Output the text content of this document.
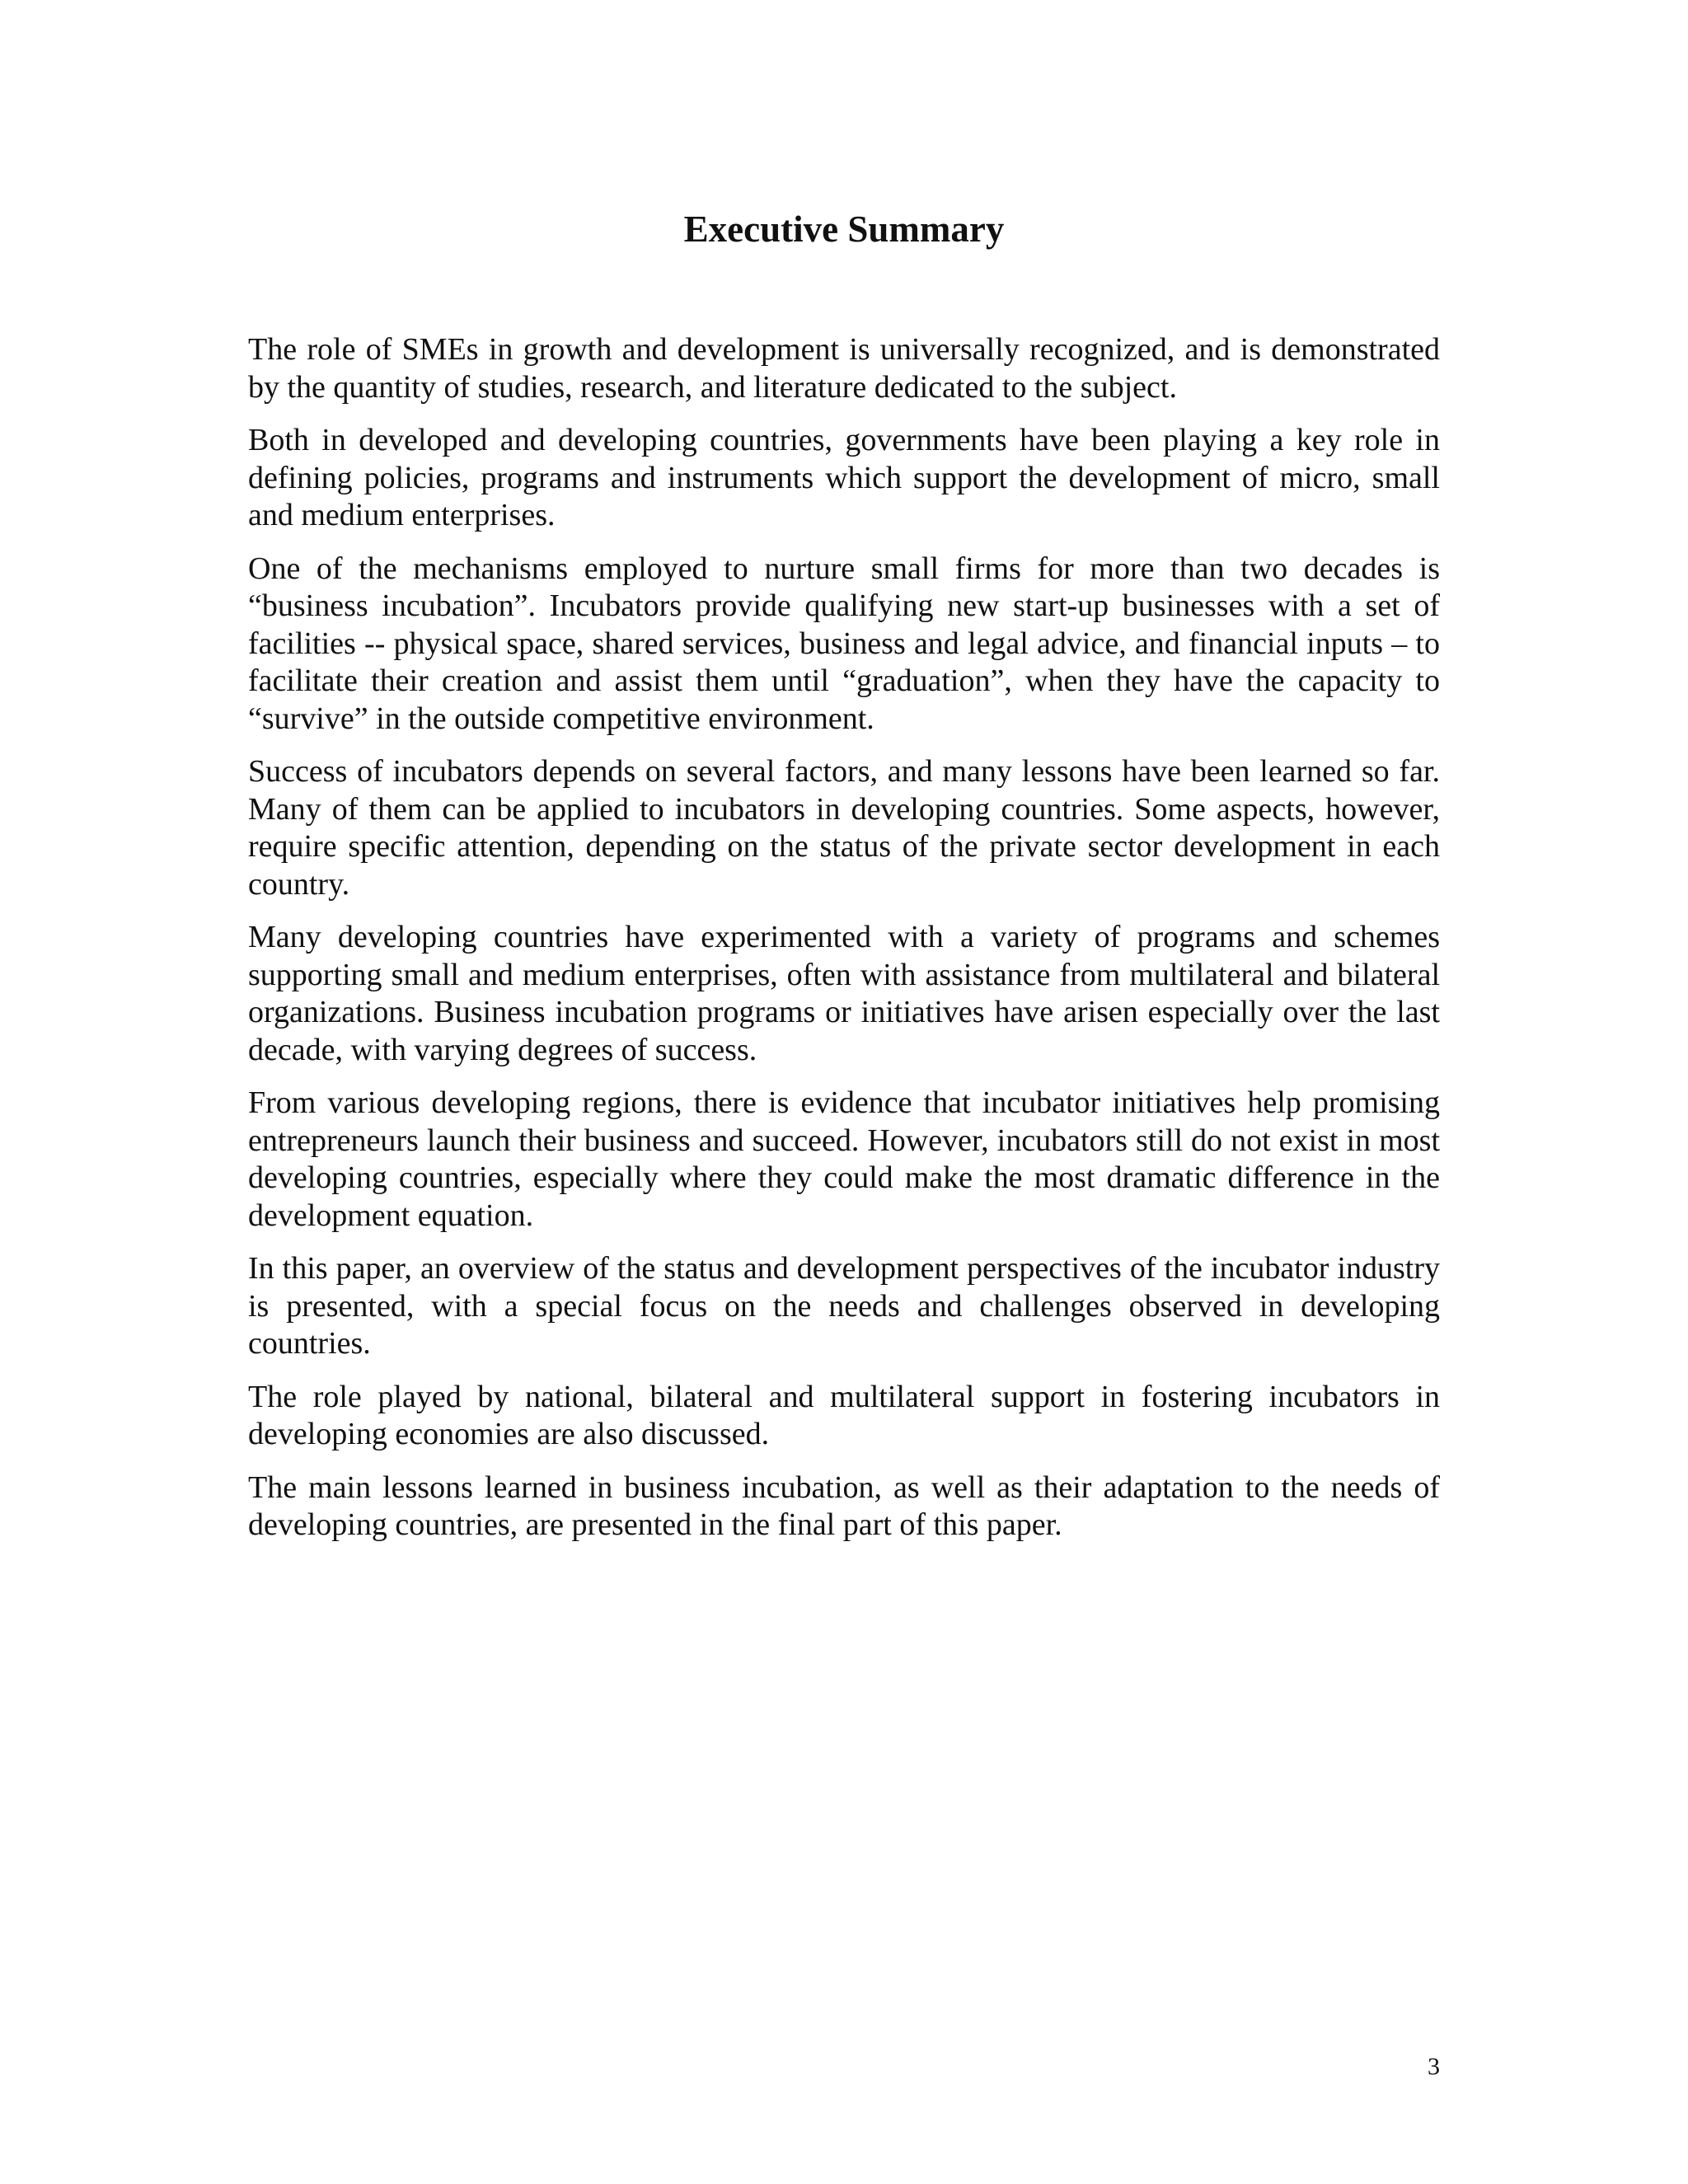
Executive Summary

The role of SMEs in growth and development is universally recognized, and is demonstrated by the quantity of studies, research, and literature dedicated to the subject.

Both in developed and developing countries, governments have been playing a key role in defining policies, programs and instruments which support the development of micro, small and medium enterprises.

One of the mechanisms employed to nurture small firms for more than two decades is “business incubation”. Incubators provide qualifying new start-up businesses with a set of facilities -- physical space, shared services, business and legal advice, and financial inputs – to facilitate their creation and assist them until “graduation”, when they have the capacity to “survive” in the outside competitive environment.

Success of incubators depends on several factors, and many lessons have been learned so far. Many of them can be applied to incubators in developing countries. Some aspects, however, require specific attention, depending on the status of the private sector development in each country.

Many developing countries have experimented with a variety of programs and schemes supporting small and medium enterprises, often with assistance from multilateral and bilateral organizations. Business incubation programs or initiatives have arisen especially over the last decade, with varying degrees of success.

From various developing regions, there is evidence that incubator initiatives help promising entrepreneurs launch their business and succeed. However, incubators still do not exist in most developing countries, especially where they could make the most dramatic difference in the development equation.

In this paper, an overview of the status and development perspectives of the incubator industry is presented, with a special focus on the needs and challenges observed in developing countries.

The role played by national, bilateral and multilateral support in fostering incubators in developing economies are also discussed.

The main lessons learned in business incubation, as well as their adaptation to the needs of developing countries, are presented in the final part of this paper.

3
